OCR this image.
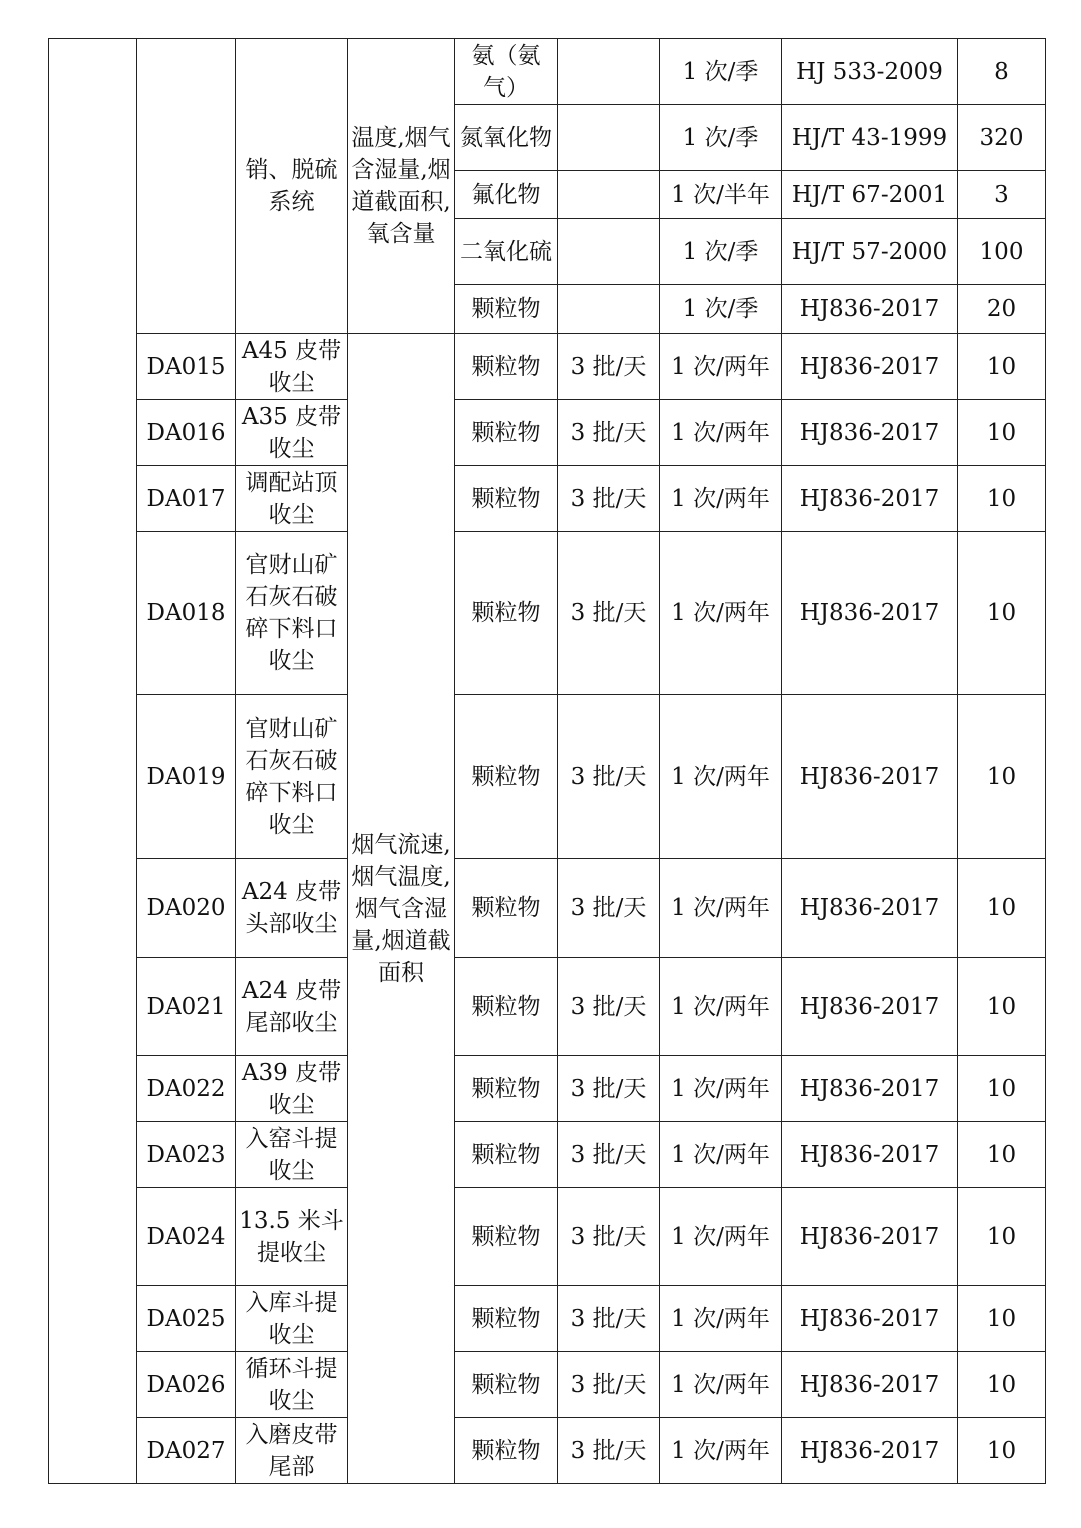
		销、脱硫系统	温度,烟气含湿量,烟道截面积,氧含量	氨（氨气）		1 次/季	HJ 533-2009	8
				氮氧化物		1 次/季	HJ/T 43-1999	320
				氟化物		1 次/半年	HJ/T 67-2001	3
				二氧化硫		1 次/季	HJ/T 57-2000	100
				颗粒物		1 次/季	HJ836-2017	20
	DA015	A45 皮带收尘	烟气流速,烟气温度,烟气含湿量,烟道截面积	颗粒物	3 批/天	1 次/两年	HJ836-2017	10
	DA016	A35 皮带收尘		颗粒物	3 批/天	1 次/两年	HJ836-2017	10
	DA017	调配站顶收尘		颗粒物	3 批/天	1 次/两年	HJ836-2017	10
	DA018	官财山矿石灰石破碎下料口收尘		颗粒物	3 批/天	1 次/两年	HJ836-2017	10
	DA019	官财山矿石灰石破碎下料口收尘		颗粒物	3 批/天	1 次/两年	HJ836-2017	10
	DA020	A24 皮带头部收尘		颗粒物	3 批/天	1 次/两年	HJ836-2017	10
	DA021	A24 皮带尾部收尘		颗粒物	3 批/天	1 次/两年	HJ836-2017	10
	DA022	A39 皮带收尘		颗粒物	3 批/天	1 次/两年	HJ836-2017	10
	DA023	入窑斗提收尘		颗粒物	3 批/天	1 次/两年	HJ836-2017	10
	DA024	13.5 米斗提收尘		颗粒物	3 批/天	1 次/两年	HJ836-2017	10
	DA025	入库斗提收尘		颗粒物	3 批/天	1 次/两年	HJ836-2017	10
	DA026	循环斗提收尘		颗粒物	3 批/天	1 次/两年	HJ836-2017	10
	DA027	入磨皮带尾部		颗粒物	3 批/天	1 次/两年	HJ836-2017	10
